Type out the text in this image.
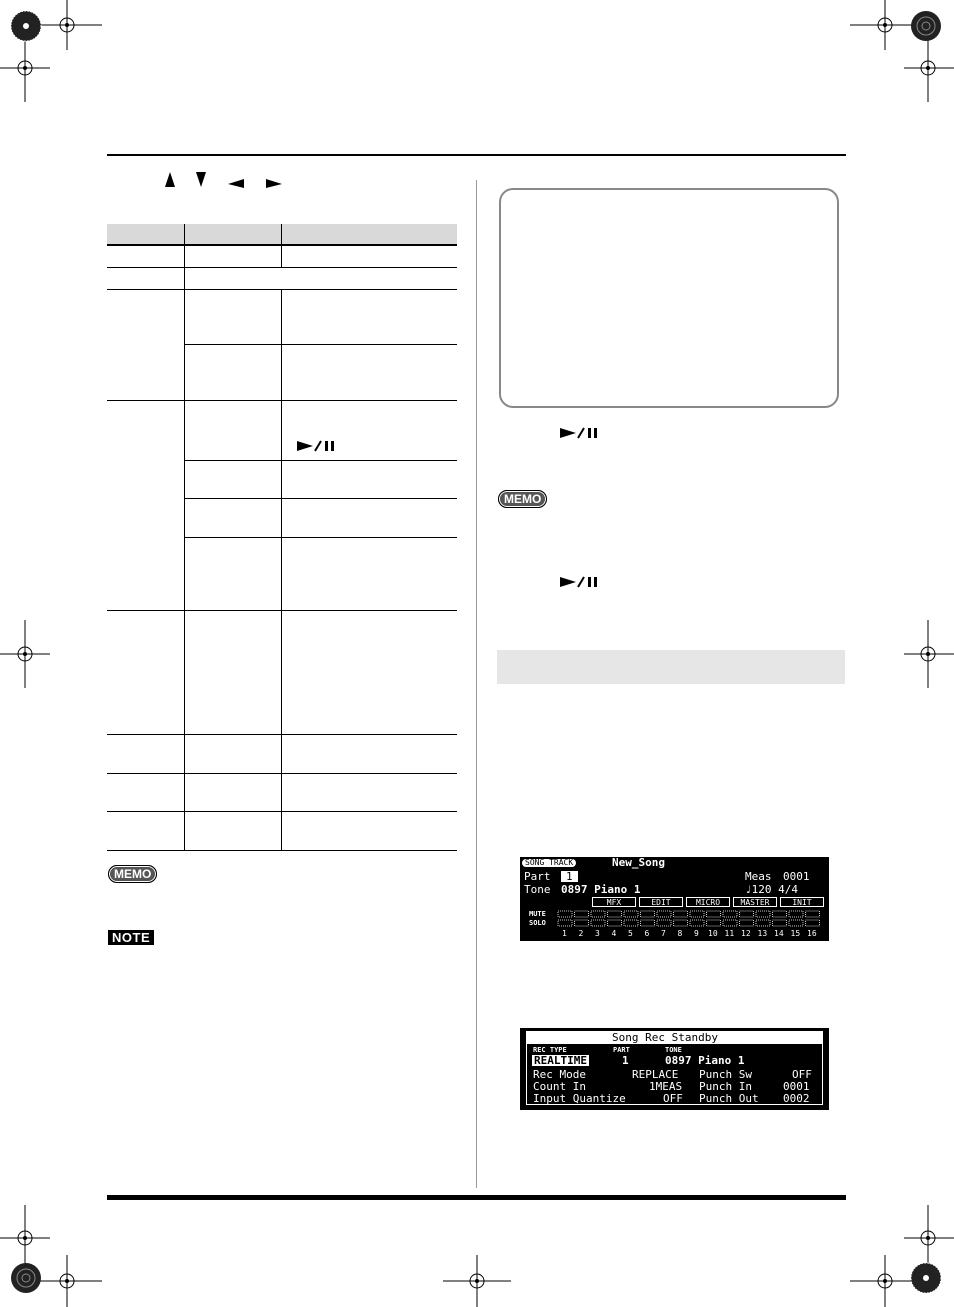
MEMO
NOTE
MEMO
SONG TRACK	New_Song
Part	1	Meas 0001
Tone 0897 Piano 1	♩120 4/4
MFX	EDIT	MICRO	MASTER	INIT
MUTE
SOLO
1 2 3 4 5 6 7 8 9 10 11 12 13 14 15 16
Song Rec Standby
REC TYPE	PART	TONE
REALTIME	1	0897 Piano 1
Rec Mode	REPLACE Punch Sw	OFF
Count In	1MEAS Punch In	0001
Input Quantize	OFF Punch Out 0002
